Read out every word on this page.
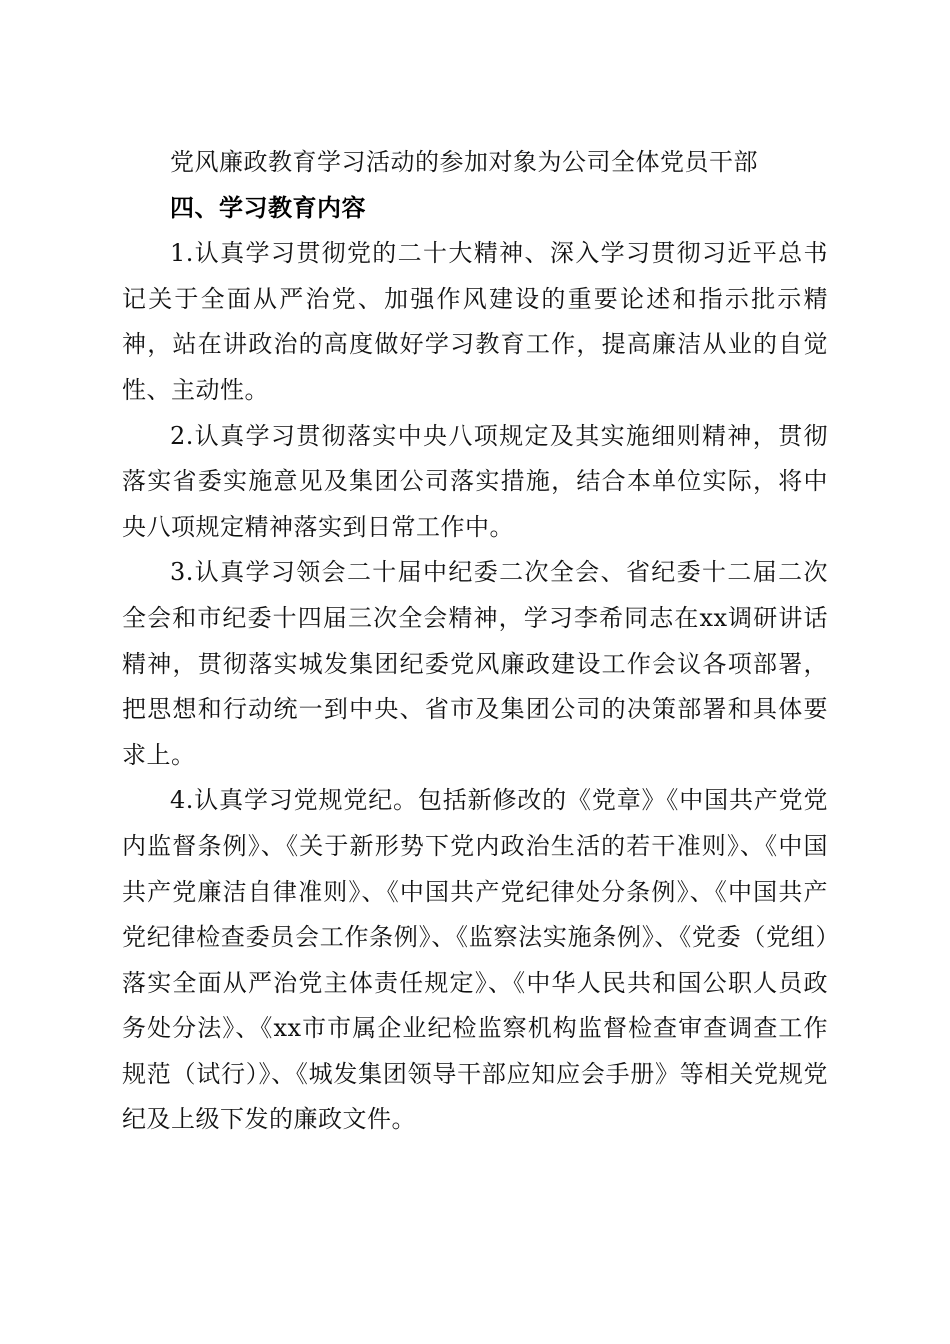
党风廉政教育学习活动的参加对象为公司全体党员干部

四、学习教育内容

1.认真学习贯彻党的二十大精神、深入学习贯彻习近平总书记关于全面从严治党、加强作风建设的重要论述和指示批示精神，站在讲政治的高度做好学习教育工作，提高廉洁从业的自觉性、主动性。

2.认真学习贯彻落实中央八项规定及其实施细则精神，贯彻落实省委实施意见及集团公司落实措施，结合本单位实际，将中央八项规定精神落实到日常工作中。

3.认真学习领会二十届中纪委二次全会、省纪委十二届二次全会和市纪委十四届三次全会精神，学习李希同志在xx调研讲话精神，贯彻落实城发集团纪委党风廉政建设工作会议各项部署，把思想和行动统一到中央、省市及集团公司的决策部署和具体要求上。

4.认真学习党规党纪。包括新修改的《党章》《中国共产党党内监督条例》、《关于新形势下党内政治生活的若干准则》、《中国共产党廉洁自律准则》、《中国共产党纪律处分条例》、《中国共产党纪律检查委员会工作条例》、《监察法实施条例》、《党委（党组）落实全面从严治党主体责任规定》、《中华人民共和国公职人员政务处分法》、《xx市市属企业纪检监察机构监督检查审查调查工作规范（试行）》、《城发集团领导干部应知应会手册》等相关党规党纪及上级下发的廉政文件。
